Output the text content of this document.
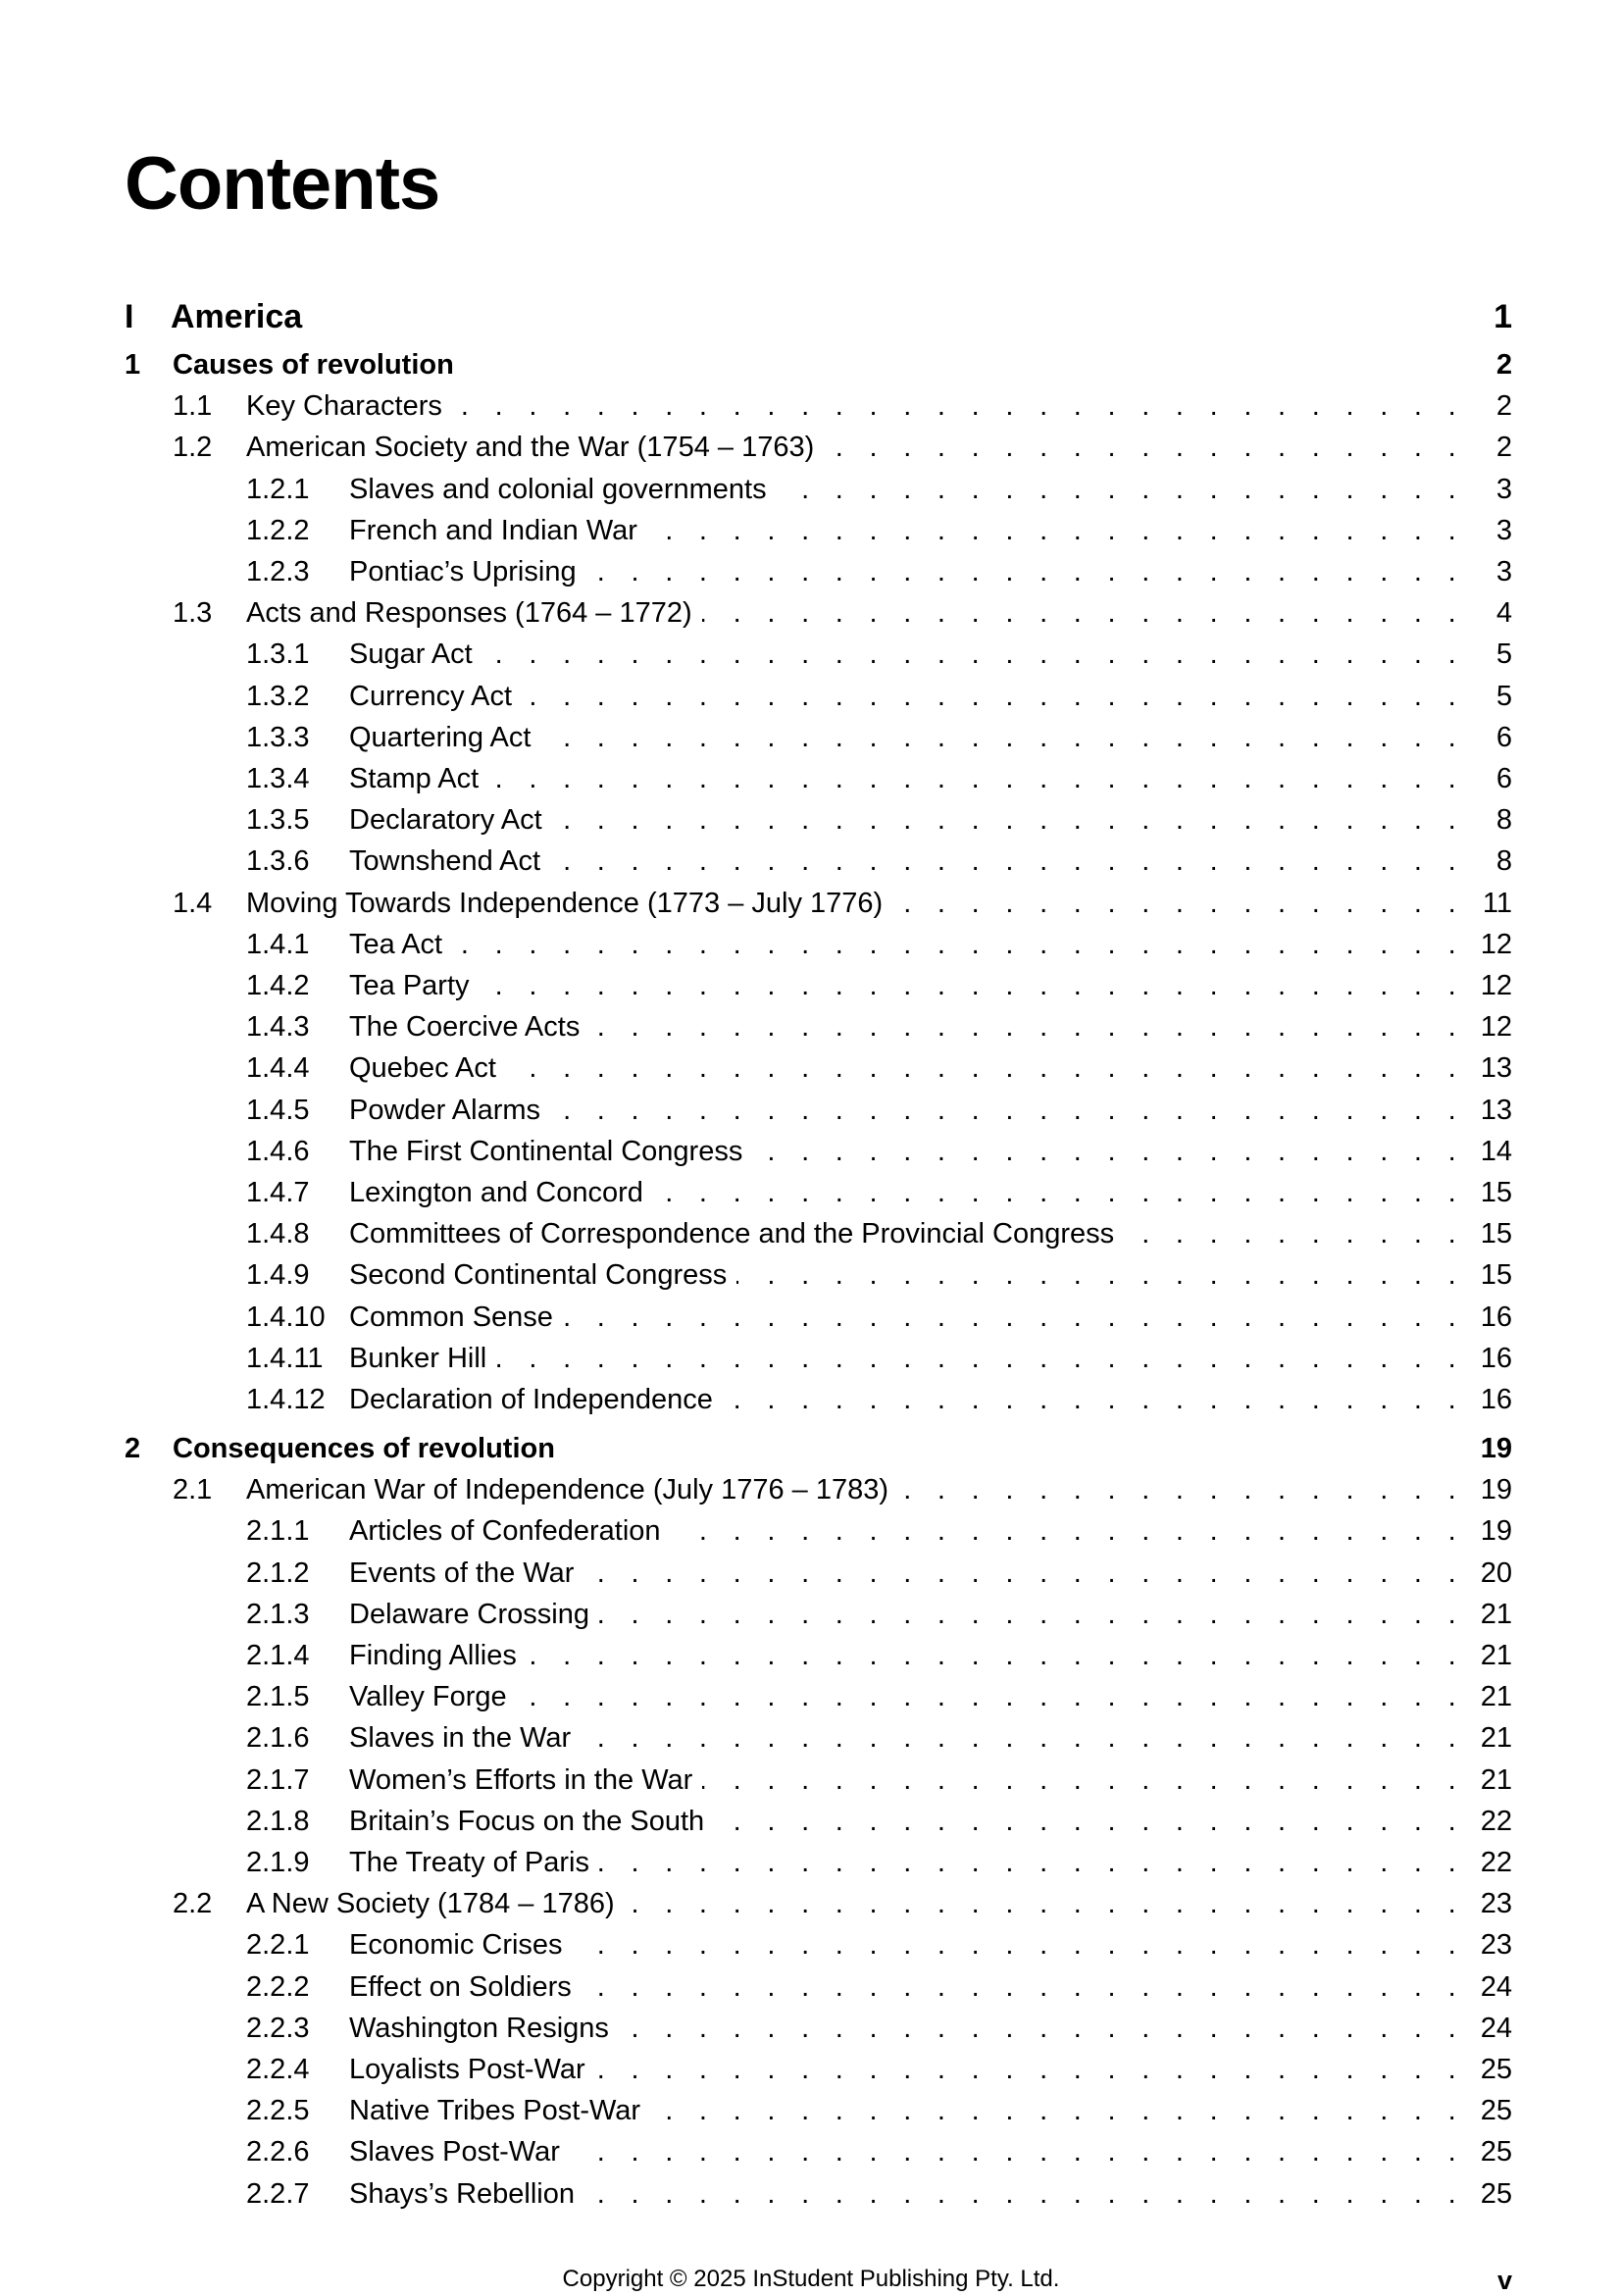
Contents
I America	1
1 Causes of revolution	2
1.1 Key Characters . . .	2
1.2 American Society and the War (1754 – 1763) . . .	2
1.2.1 Slaves and colonial governments . . .	3
1.2.2 French and Indian War . . .	3
1.2.3 Pontiac’s Uprising . . .	3
1.3 Acts and Responses (1764 – 1772) . . .	4
1.3.1 Sugar Act . . .	5
1.3.2 Currency Act . . .	5
1.3.3 Quartering Act . . .	6
1.3.4 Stamp Act . . .	6
1.3.5 Declaratory Act . . .	8
1.3.6 Townshend Act . . .	8
1.4 Moving Towards Independence (1773 – July 1776) . . .	11
1.4.1 Tea Act . . .	12
1.4.2 Tea Party . . .	12
1.4.3 The Coercive Acts . . .	12
1.4.4 Quebec Act . . .	13
1.4.5 Powder Alarms . . .	13
1.4.6 The First Continental Congress . . .	14
1.4.7 Lexington and Concord . . .	15
1.4.8 Committees of Correspondence and the Provincial Congress . . .	15
1.4.9 Second Continental Congress . . .	15
1.4.10 Common Sense . . .	16
1.4.11 Bunker Hill . . .	16
1.4.12 Declaration of Independence . . .	16
2 Consequences of revolution	19
2.1 American War of Independence (July 1776 – 1783) . . .	19
2.1.1 Articles of Confederation . . .	19
2.1.2 Events of the War . . .	20
2.1.3 Delaware Crossing . . .	21
2.1.4 Finding Allies . . .	21
2.1.5 Valley Forge . . .	21
2.1.6 Slaves in the War . . .	21
2.1.7 Women’s Efforts in the War . . .	21
2.1.8 Britain’s Focus on the South . . .	22
2.1.9 The Treaty of Paris . . .	22
2.2 A New Society (1784 – 1786) . . .	23
2.2.1 Economic Crises . . .	23
2.2.2 Effect on Soldiers . . .	24
2.2.3 Washington Resigns . . .	24
2.2.4 Loyalists Post-War . . .	25
2.2.5 Native Tribes Post-War . . .	25
2.2.6 Slaves Post-War . . .	25
2.2.7 Shays’s Rebellion . . .	25
Copyright © 2025 InStudent Publishing Pty. Ltd.	v
